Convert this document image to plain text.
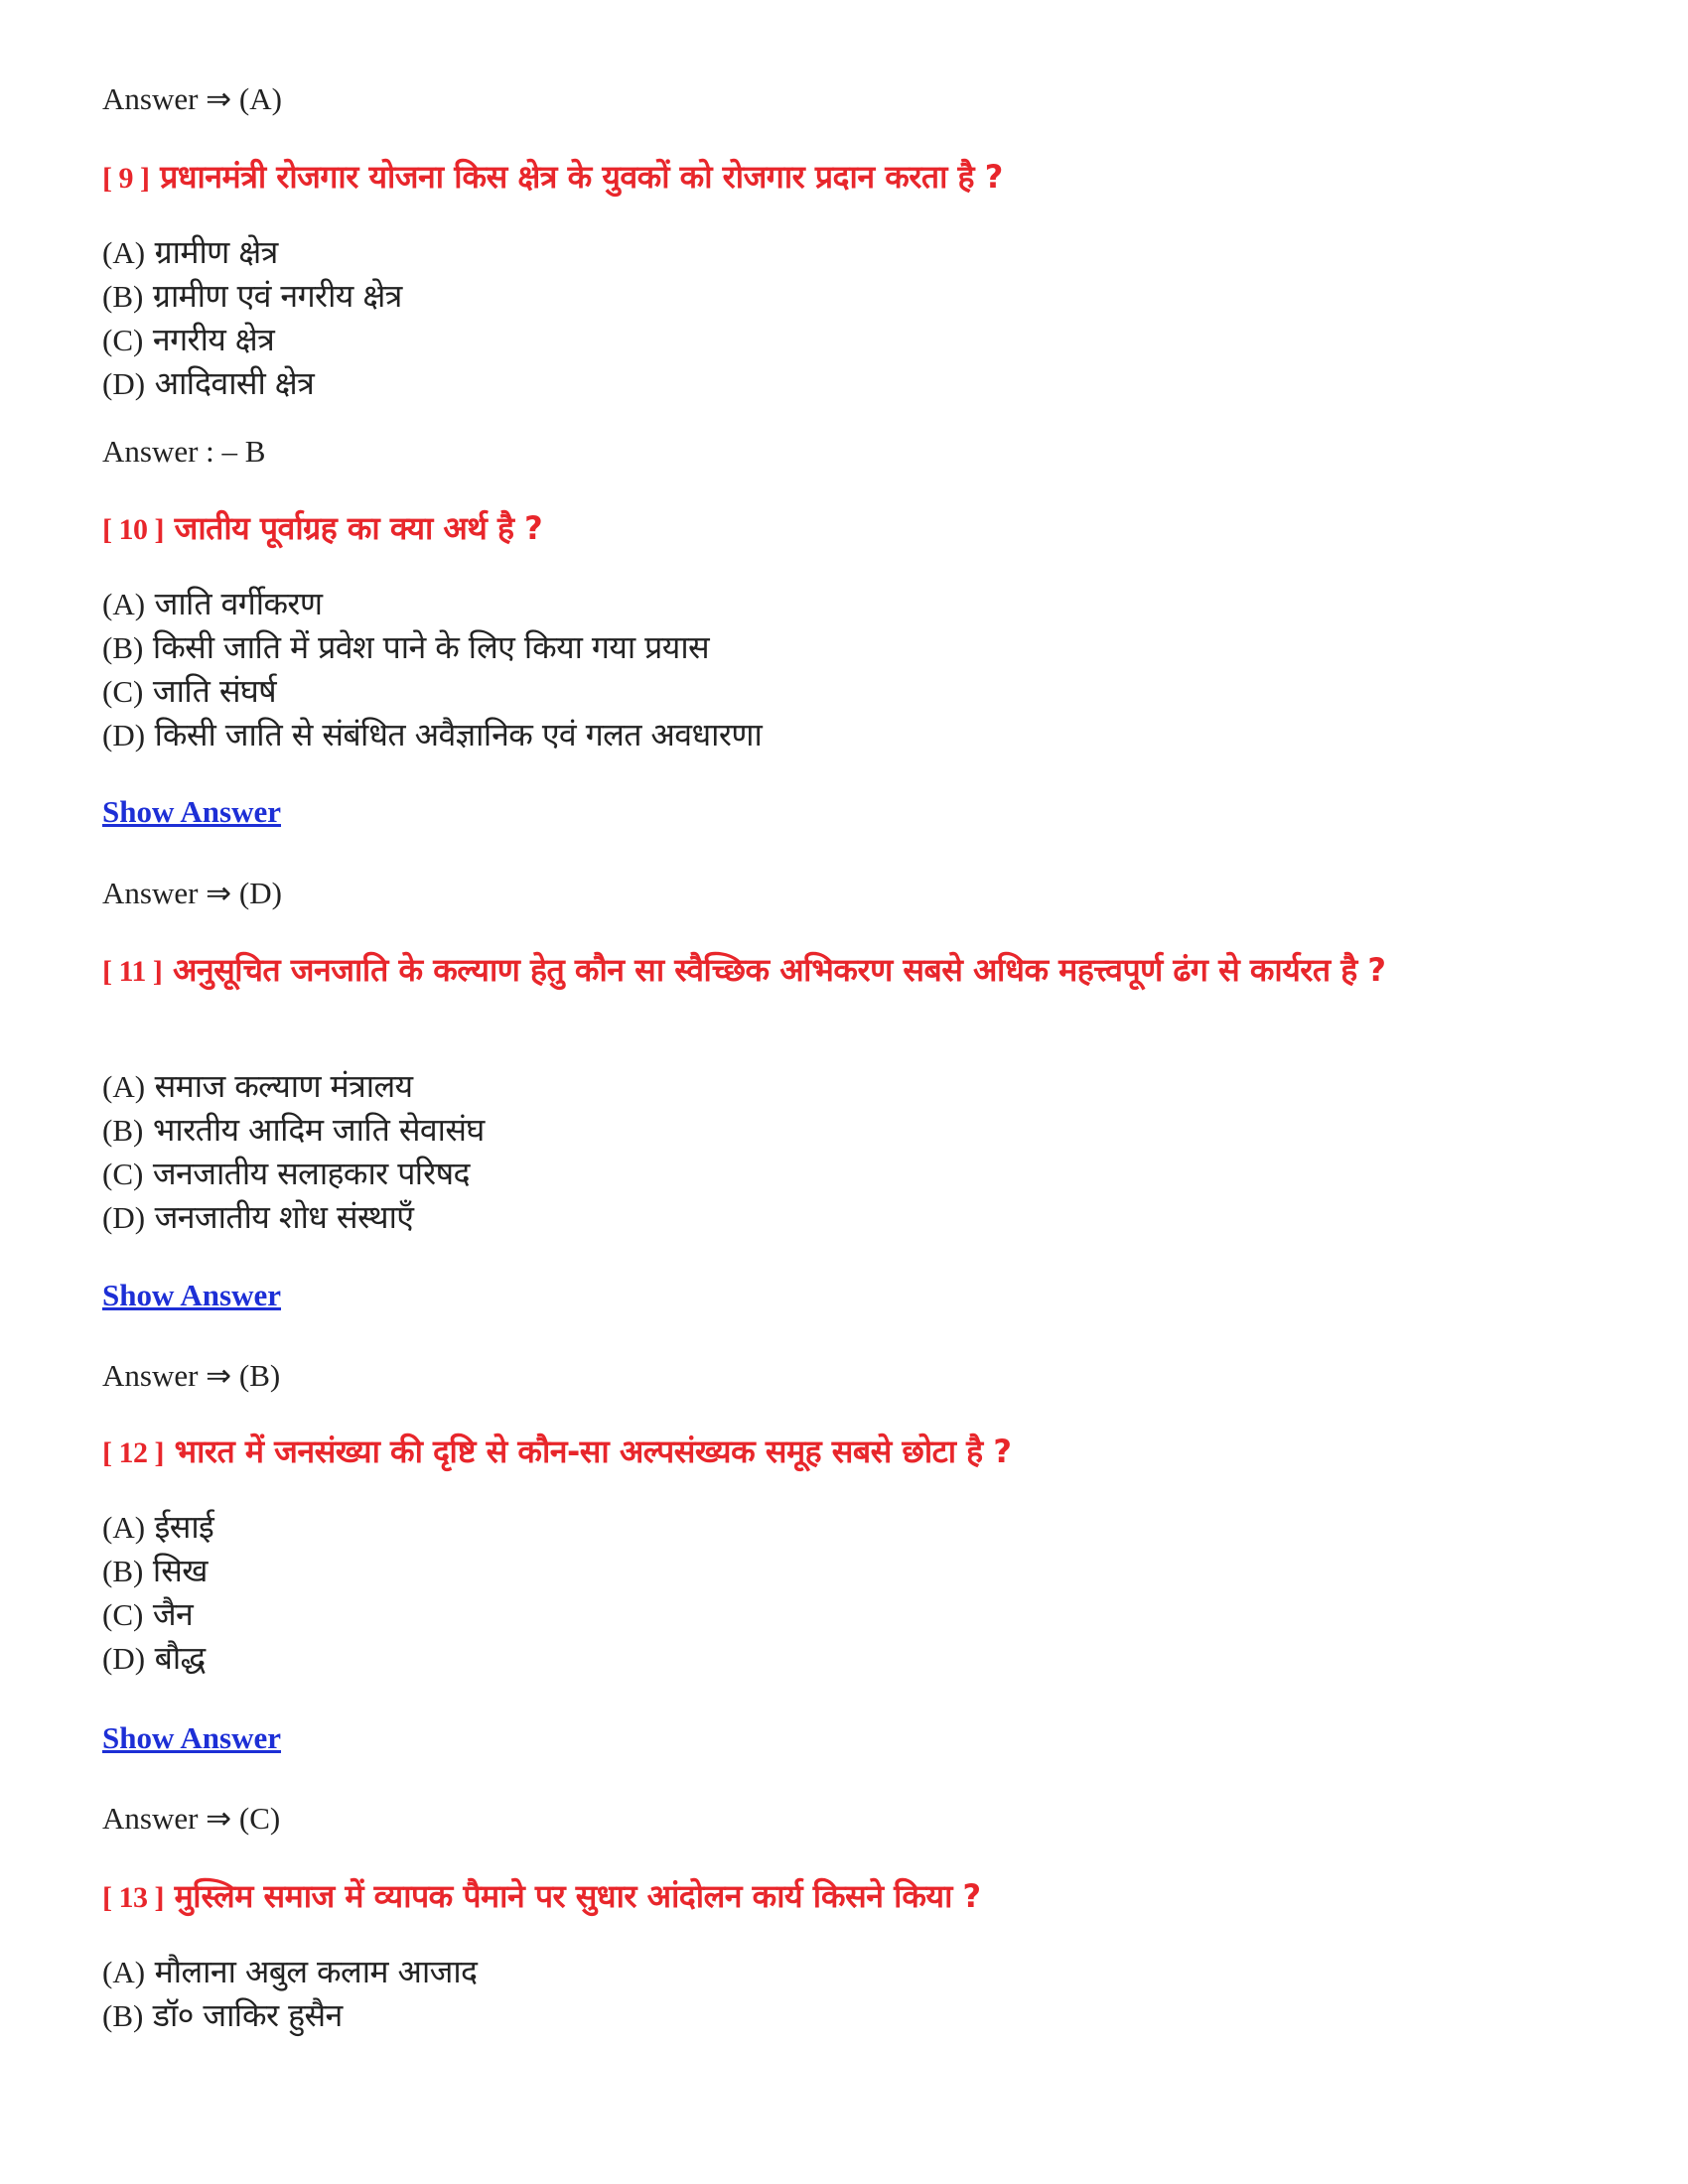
Answer ⇒ (A)
[ 9 ] प्रधानमंत्री रोजगार योजना किस क्षेत्र के युवकों को रोजगार प्रदान करता है ?
(A) ग्रामीण क्षेत्र
(B) ग्रामीण एवं नगरीय क्षेत्र
(C) नगरीय क्षेत्र
(D) आदिवासी क्षेत्र
Answer : – B
[ 10 ] जातीय पूर्वाग्रह का क्या अर्थ है ?
(A) जाति वर्गीकरण
(B) किसी जाति में प्रवेश पाने के लिए किया गया प्रयास
(C) जाति संघर्ष
(D) किसी जाति से संबंधित अवैज्ञानिक एवं गलत अवधारणा
Show Answer
Answer ⇒ (D)
[ 11 ] अनुसूचित जनजाति के कल्याण हेतु कौन सा स्वैच्छिक अभिकरण सबसे अधिक महत्त्वपूर्ण ढंग से कार्यरत है ?
(A) समाज कल्याण मंत्रालय
(B) भारतीय आदिम जाति सेवासंघ
(C) जनजातीय सलाहकार परिषद
(D) जनजातीय शोध संस्थाएँ
Show Answer
Answer ⇒ (B)
[ 12 ] भारत में जनसंख्या की दृष्टि से कौन-सा अल्पसंख्यक समूह सबसे छोटा है ?
(A) ईसाई
(B) सिख
(C) जैन
(D) बौद्ध
Show Answer
Answer ⇒ (C)
[ 13 ] मुस्लिम समाज में व्यापक पैमाने पर सुधार आंदोलन कार्य किसने किया ?
(A) मौलाना अबुल कलाम आजाद
(B) डॉ० जाकिर हुसैन
